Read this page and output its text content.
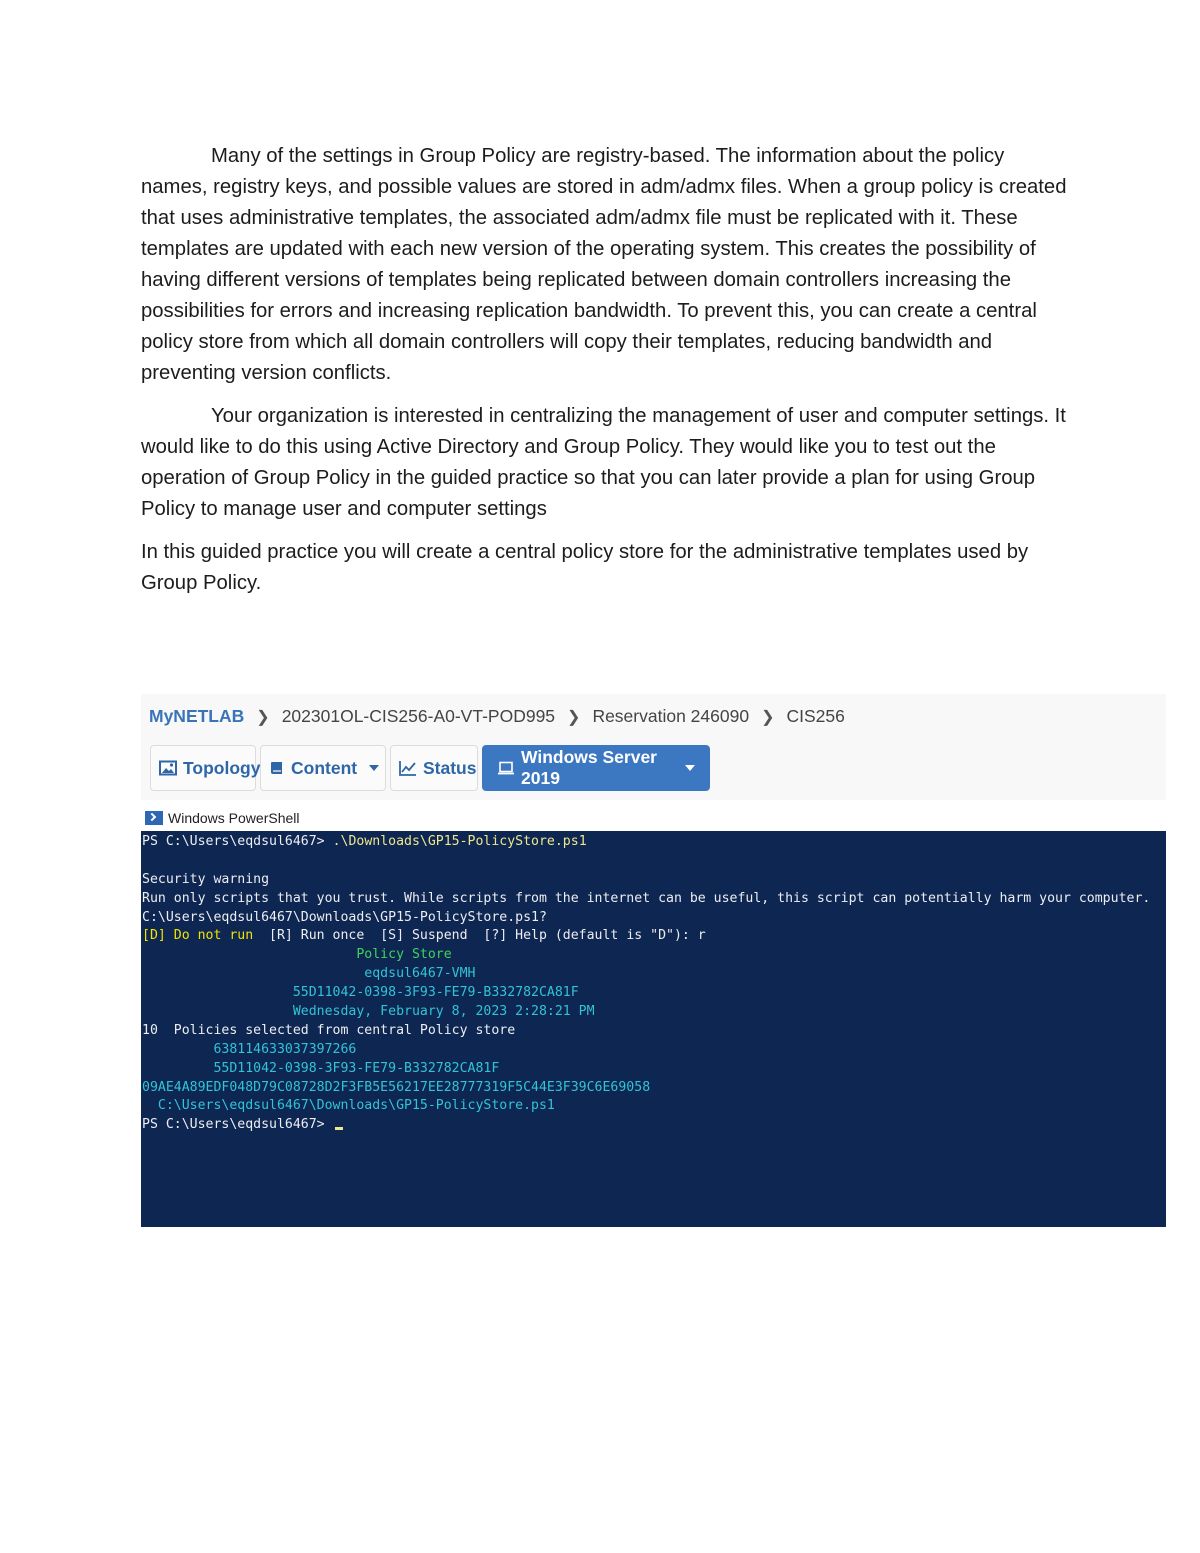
Many of the settings in Group Policy are registry-based. The information about the policy names, registry keys, and possible values are stored in adm/admx files. When a group policy is created that uses administrative templates, the associated adm/admx file must be replicated with it. These templates are updated with each new version of the operating system. This creates the possibility of having different versions of templates being replicated between domain controllers increasing the possibilities for errors and increasing replication bandwidth. To prevent this, you can create a central policy store from which all domain controllers will copy their templates, reducing bandwidth and preventing version conflicts.

Your organization is interested in centralizing the management of user and computer settings. It would like to do this using Active Directory and Group Policy. They would like you to test out the operation of Group Policy in the guided practice so that you can later provide a plan for using Group Policy to manage user and computer settings

In this guided practice you will create a central policy store for the administrative templates used by Group Policy.

MyNETLAB ❯ 202301OL-CIS256-A0-VT-POD995 ❯ Reservation 246090 ❯ CIS256
Topology Content	Status
Windows Server 2019
Windows PowerShell
PS C:\Users\eqdsul6467> .\Downloads\GP15-PolicyStore.ps1
Security warning
Run only scripts that you trust. While scripts from the internet can be useful, this script can potentially harm your computer.
C:\Users\eqdsul6467\Downloads\GP15-PolicyStore.ps1?
[D] Do not run  [R] Run once  [S] Suspend  [?] Help (default is "D"): r
Policy Store
eqdsul6467-VMH
55D11042-0398-3F93-FE79-B332782CA81F
Wednesday, February 8, 2023 2:28:21 PM
10  Policies selected from central Policy store
638114633037397266
55D11042-0398-3F93-FE79-B332782CA81F
09AE4A89EDF048D79C08728D2F3FB5E56217EE28777319F5C44E3F39C6E69058
C:\Users\eqdsul6467\Downloads\GP15-PolicyStore.ps1
PS C:\Users\eqdsul6467>
